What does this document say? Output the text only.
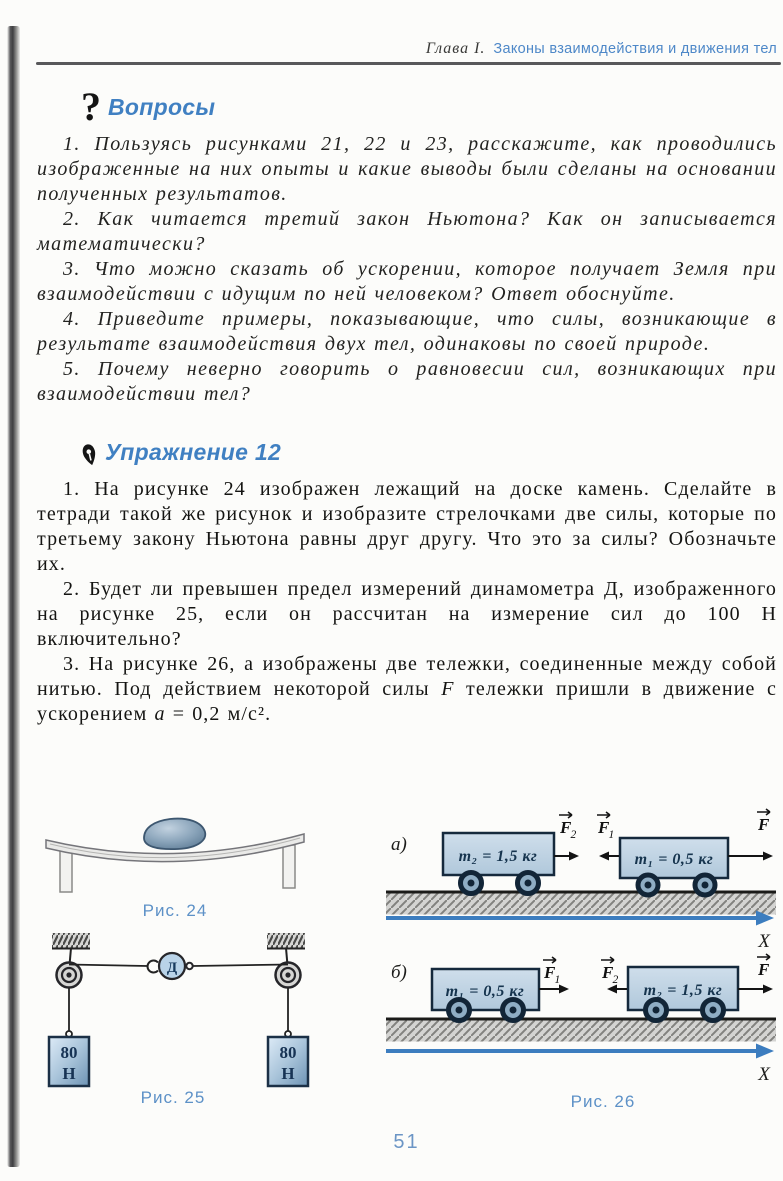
Глава I. Законы взаимодействия и движения тел
? Вопросы

1. Пользуясь рисунками 21, 22 и 23, расскажите, как проводились изображенные на них опыты и какие выводы были сделаны на основании полученных результатов.

2. Как читается третий закон Ньютона? Как он записывается математически?

3. Что можно сказать об ускорении, которое получает Земля при взаимодействии с идущим по ней человеком? Ответ обоснуйте.

4. Приведите примеры, показывающие, что силы, возникающие в результате взаимодействия двух тел, одинаковы по своей природе.

5. Почему неверно говорить о равновесии сил, возникающих при взаимодействии тел?

Упражнение 12

1. На рисунке 24 изображен лежащий на доске камень. Сделайте в тетради такой же рисунок и изобразите стрелочками две силы, которые по третьему закону Ньютона равны друг другу. Что это за силы? Обозначьте их.

2. Будет ли превышен предел измерений динамометра Д, изображенного на рисунке 25, если он рассчитан на измерение сил до 100 Н включительно?

3. На рисунке 26, а изображены две тележки, соединенные между собой нитью. Под действием некоторой силы F тележки пришли в движение с ускорением a = 0,2 м/с².

Рис. 24
Д
80
Н
80
Н
Рис. 25
а)
m₂ = 1,5 кг	m₁ = 0,5 кг
F 2 F 1
F
X
б)
m₁ = 0,5 кг	m₂ = 1,5 кг
F 1 F 2
F
X
Рис. 26
51
